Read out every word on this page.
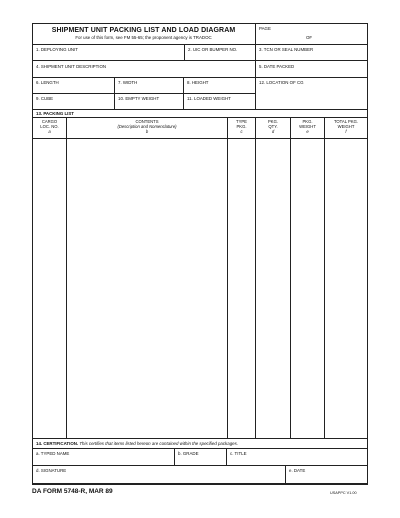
SHIPMENT UNIT PACKING LIST AND LOAD DIAGRAM
For use of this form, see FM 55-65; the proponent agency is TRADOC
PAGE
OF
1. DEPLOYING UNIT	2. UIC OR BUMPER NO.	3. TCN OR SEAL NUMBER
4. SHIPMENT UNIT DESCRIPTION	5. DATE PACKED
6. LENGTH	7. WIDTH	8. HEIGHT	12. LOCATION OF CG
9. CUBE	10. EMPTY WEIGHT	11. LOADED WEIGHT
13. PACKING LIST
CARGO
LOC. NO.
a
CONTENTS
(Description and Nomenclature)
b
TYPE
PKG.
c
PKG.
QTY.
d
PKG.
WEIGHT
e
TOTAL PKG.
WEIGHT
f
14. CERTIFICATION. This certifies that items listed hereon are contained within the specified packages.
a. TYPED NAME	b. GRADE	c. TITLE
d. SIGNATURE	e. DATE
DA FORM 5748-R, MAR 89	USAPPC V1.00
